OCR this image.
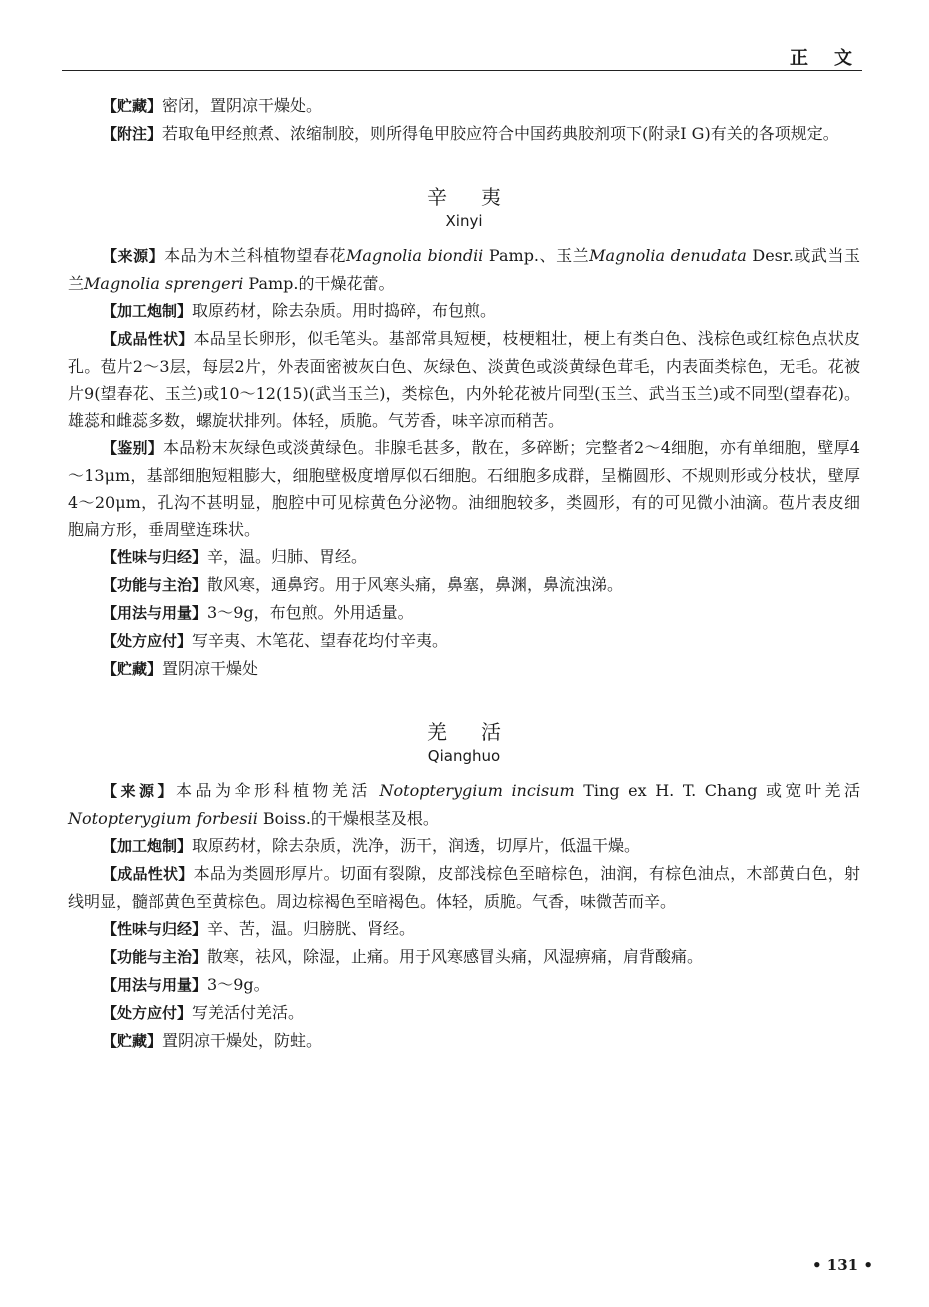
正文

【贮藏】密闭，置阴凉干燥处。

【附注】若取龟甲经煎煮、浓缩制胶，则所得龟甲胶应符合中国药典胶剂项下(附录Ⅰ G)有关的各项规定。

辛夷
Xinyi

【来源】本品为木兰科植物望春花Magnolia biondii Pamp.、玉兰Magnolia denudata Desr.或武当玉兰Magnolia sprengeri Pamp.的干燥花蕾。

【加工炮制】取原药材，除去杂质。用时捣碎，布包煎。

【成品性状】本品呈长卵形，似毛笔头。基部常具短梗，枝梗粗壮，梗上有类白色、浅棕色或红棕色点状皮孔。苞片2～3层，每层2片，外表面密被灰白色、灰绿色、淡黄色或淡黄绿色茸毛，内表面类棕色，无毛。花被片9(望春花、玉兰)或10～12(15)(武当玉兰)，类棕色，内外轮花被片同型(玉兰、武当玉兰)或不同型(望春花)。雄蕊和雌蕊多数，螺旋状排列。体轻，质脆。气芳香，味辛凉而稍苦。

【鉴别】本品粉末灰绿色或淡黄绿色。非腺毛甚多，散在，多碎断；完整者2～4细胞，亦有单细胞，壁厚4～13μm，基部细胞短粗膨大，细胞壁极度增厚似石细胞。石细胞多成群，呈椭圆形、不规则形或分枝状，壁厚4～20μm，孔沟不甚明显，胞腔中可见棕黄色分泌物。油细胞较多，类圆形，有的可见微小油滴。苞片表皮细胞扁方形，垂周壁连珠状。

【性味与归经】辛，温。归肺、胃经。

【功能与主治】散风寒，通鼻窍。用于风寒头痛，鼻塞，鼻渊，鼻流浊涕。

【用法与用量】3～9g，布包煎。外用适量。

【处方应付】写辛夷、木笔花、望春花均付辛夷。

【贮藏】置阴凉干燥处

羌活
Qianghuo

【来源】本品为伞形科植物羌活 Notopterygium incisum Ting ex H. T. Chang 或宽叶羌活 Notopterygium forbesii Boiss.的干燥根茎及根。

【加工炮制】取原药材，除去杂质，洗净，沥干，润透，切厚片，低温干燥。

【成品性状】本品为类圆形厚片。切面有裂隙，皮部浅棕色至暗棕色，油润，有棕色油点，木部黄白色，射线明显，髓部黄色至黄棕色。周边棕褐色至暗褐色。体轻，质脆。气香，味微苦而辛。

【性味与归经】辛、苦，温。归膀胱、肾经。

【功能与主治】散寒，祛风，除湿，止痛。用于风寒感冒头痛，风湿痹痛，肩背酸痛。

【用法与用量】3～9g。

【处方应付】写羌活付羌活。

【贮藏】置阴凉干燥处，防蛀。

• 131 •
